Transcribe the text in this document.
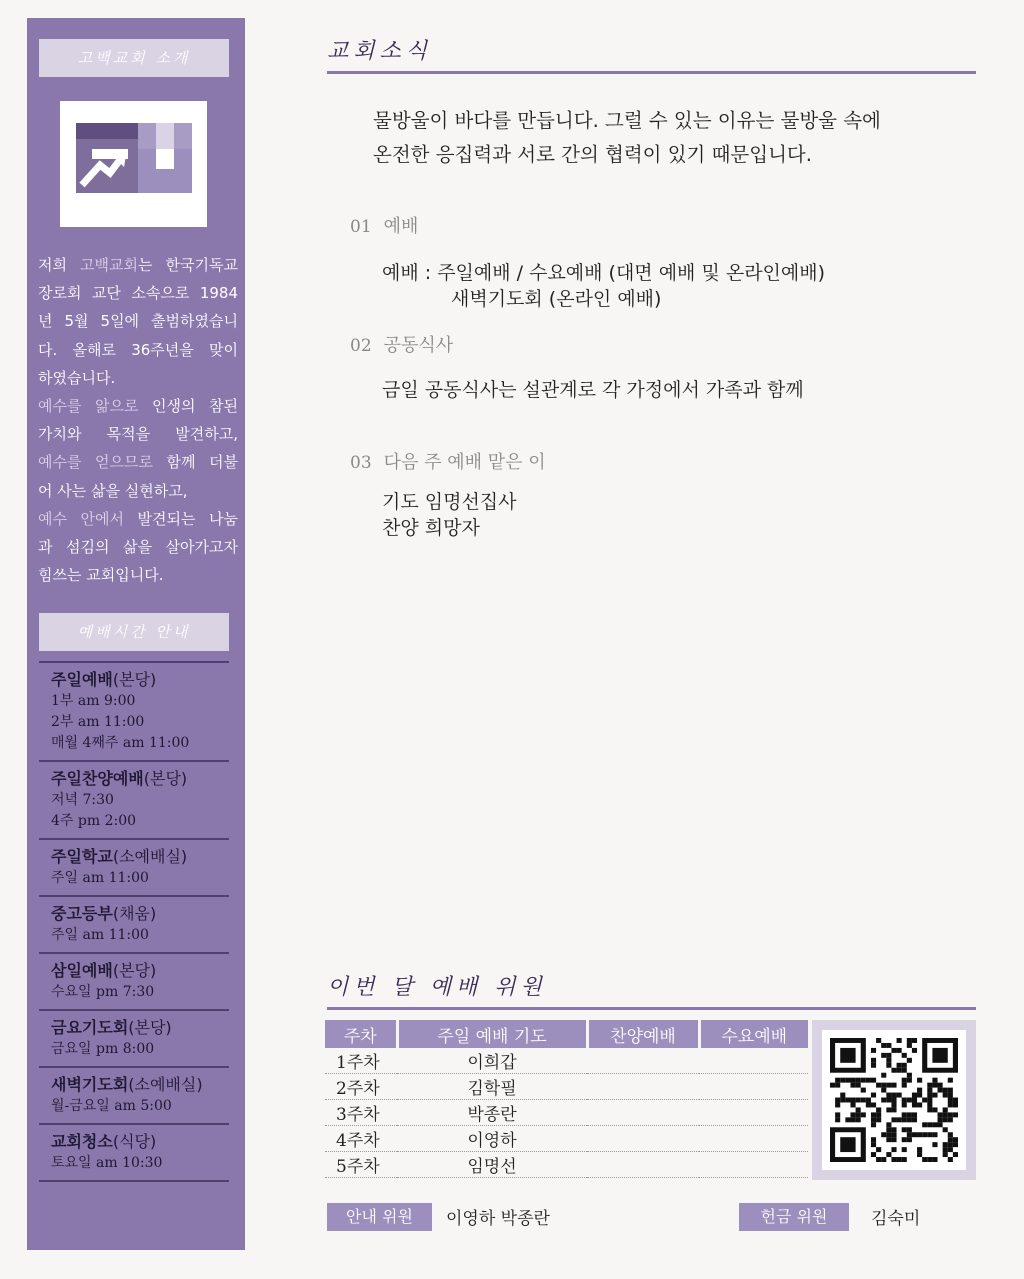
고백교회 소개
저희 고백교회는 한국기독교
장로회 교단 소속으로 1984
년 5월 5일에 출범하였습니
다. 올해로 36주년을 맞이
하였습니다.
예수를 앎으로 인생의 참된
가치와 목적을 발견하고,
예수를 얻으므로 함께 더불
어 사는 삶을 실현하고,
예수 안에서 발견되는 나눔
과 섬김의 삶을 살아가고자
힘쓰는 교회입니다.
예배시간 안내
주일예배(본당)
1부 am 9:00
2부 am 11:00
매월 4째주 am 11:00
주일찬양예배(본당)
저녁 7:30
4주 pm 2:00
주일학교(소예배실)
주일 am 11:00
중고등부(채움)
주일 am 11:00
삼일예배(본당)
수요일 pm 7:30
금요기도회(본당)
금요일 pm 8:00
새벽기도회(소예배실)
월-금요일 am 5:00
교회청소(식당)
토요일 am 10:30
교회소식
물방울이 바다를 만듭니다. 그럴 수 있는 이유는 물방울 속에
온전한 응집력과 서로 간의 협력이 있기 때문입니다.
01 예배
예배 : 주일예배 / 수요예배 (대면 예배 및 온라인예배)
새벽기도회 (온라인 예배)
02 공동식사
금일 공동식사는 설관계로 각 가정에서 가족과 함께
03 다음 주 예배 맡은 이
기도 임명선집사
찬양 희망자
이번 달 예배 위원
주차	주일 예배 기도	찬양예배	수요예배
1주차	이희갑		
2주차	김학필		
3주차	박종란		
4주차	이영하		
5주차	임명선		
안내 위원	이영하 박종란	헌금 위원	김숙미
